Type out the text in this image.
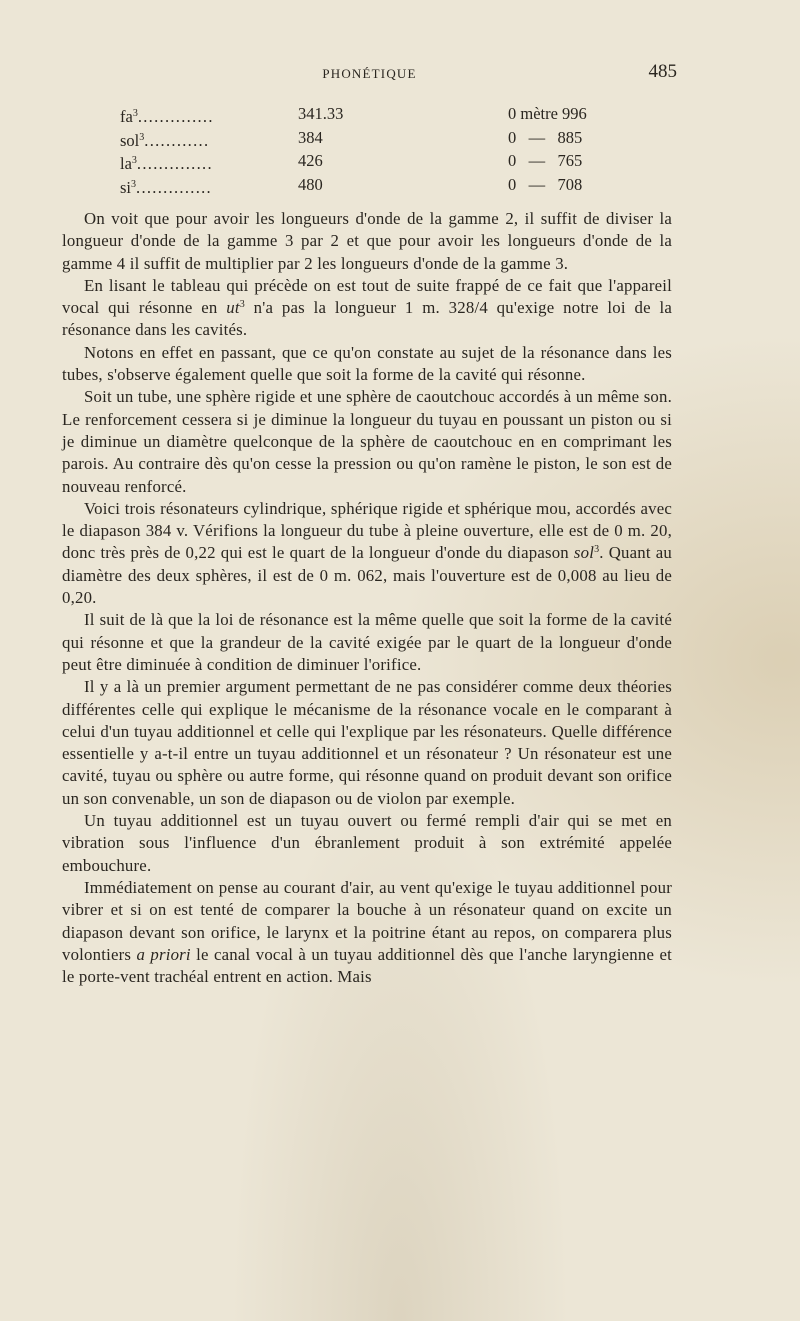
PHONÉTIQUE	485
$fa^3$..............	341.33	0 mètre 996
sol$^3$............	384	0   —   885
$la^3$..............	426	0   —   765
$si^3$..............	480	0   —   708

On voit que pour avoir les longueurs d'onde de la gamme 2, il suffit de diviser la longueur d'onde de la gamme 3 par 2 et que pour avoir les longueurs d'onde de la gamme 4 il suffit de multiplier par 2 les longueurs d'onde de la gamme 3.

En lisant le tableau qui précède on est tout de suite frappé de ce fait que l'appareil vocal qui résonne en $ut^3$ n'a pas la longueur 1 m. 328/4 qu'exige notre loi de la résonance dans les cavités.

Notons en effet en passant, que ce qu'on constate au sujet de la résonance dans les tubes, s'observe également quelle que soit la forme de la cavité qui résonne.

Soit un tube, une sphère rigide et une sphère de caoutchouc accordés à un même son. Le renforcement cessera si je diminue la longueur du tuyau en poussant un piston ou si je diminue un diamètre quelconque de la sphère de caoutchouc en en comprimant les parois. Au contraire dès qu'on cesse la pression ou qu'on ramène le piston, le son est de nouveau renforcé.

Voici trois résonateurs cylindrique, sphérique rigide et sphérique mou, accordés avec le diapason 384 v. Vérifions la longueur du tube à pleine ouverture, elle est de 0 m. 20, donc très près de 0,22 qui est le quart de la longueur d'onde du diapason sol$^3$. Quant au diamètre des deux sphères, il est de 0 m. 062, mais l'ouverture est de 0,008 au lieu de 0,20.

Il suit de là que la loi de résonance est la même quelle que soit la forme de la cavité qui résonne et que la grandeur de la cavité exigée par le quart de la longueur d'onde peut être diminuée à condition de diminuer l'orifice.

Il y a là un premier argument permettant de ne pas considérer comme deux théories différentes celle qui explique le mécanisme de la résonance vocale en le comparant à celui d'un tuyau additionnel et celle qui l'explique par les résonateurs. Quelle différence essentielle y a-t-il entre un tuyau additionnel et un résonateur ? Un résonateur est une cavité, tuyau ou sphère ou autre forme, qui résonne quand on produit devant son orifice un son convenable, un son de diapason ou de violon par exemple.

Un tuyau additionnel est un tuyau ouvert ou fermé rempli d'air qui se met en vibration sous l'influence d'un ébranlement produit à son extrémité appelée embouchure.

Immédiatement on pense au courant d'air, au vent qu'exige le tuyau additionnel pour vibrer et si on est tenté de comparer la bouche à un résonateur quand on excite un diapason devant son orifice, le larynx et la poitrine étant au repos, on comparera plus volontiers a priori le canal vocal à un tuyau additionnel dès que l'anche laryngienne et le porte-vent trachéal entrent en action. Mais
